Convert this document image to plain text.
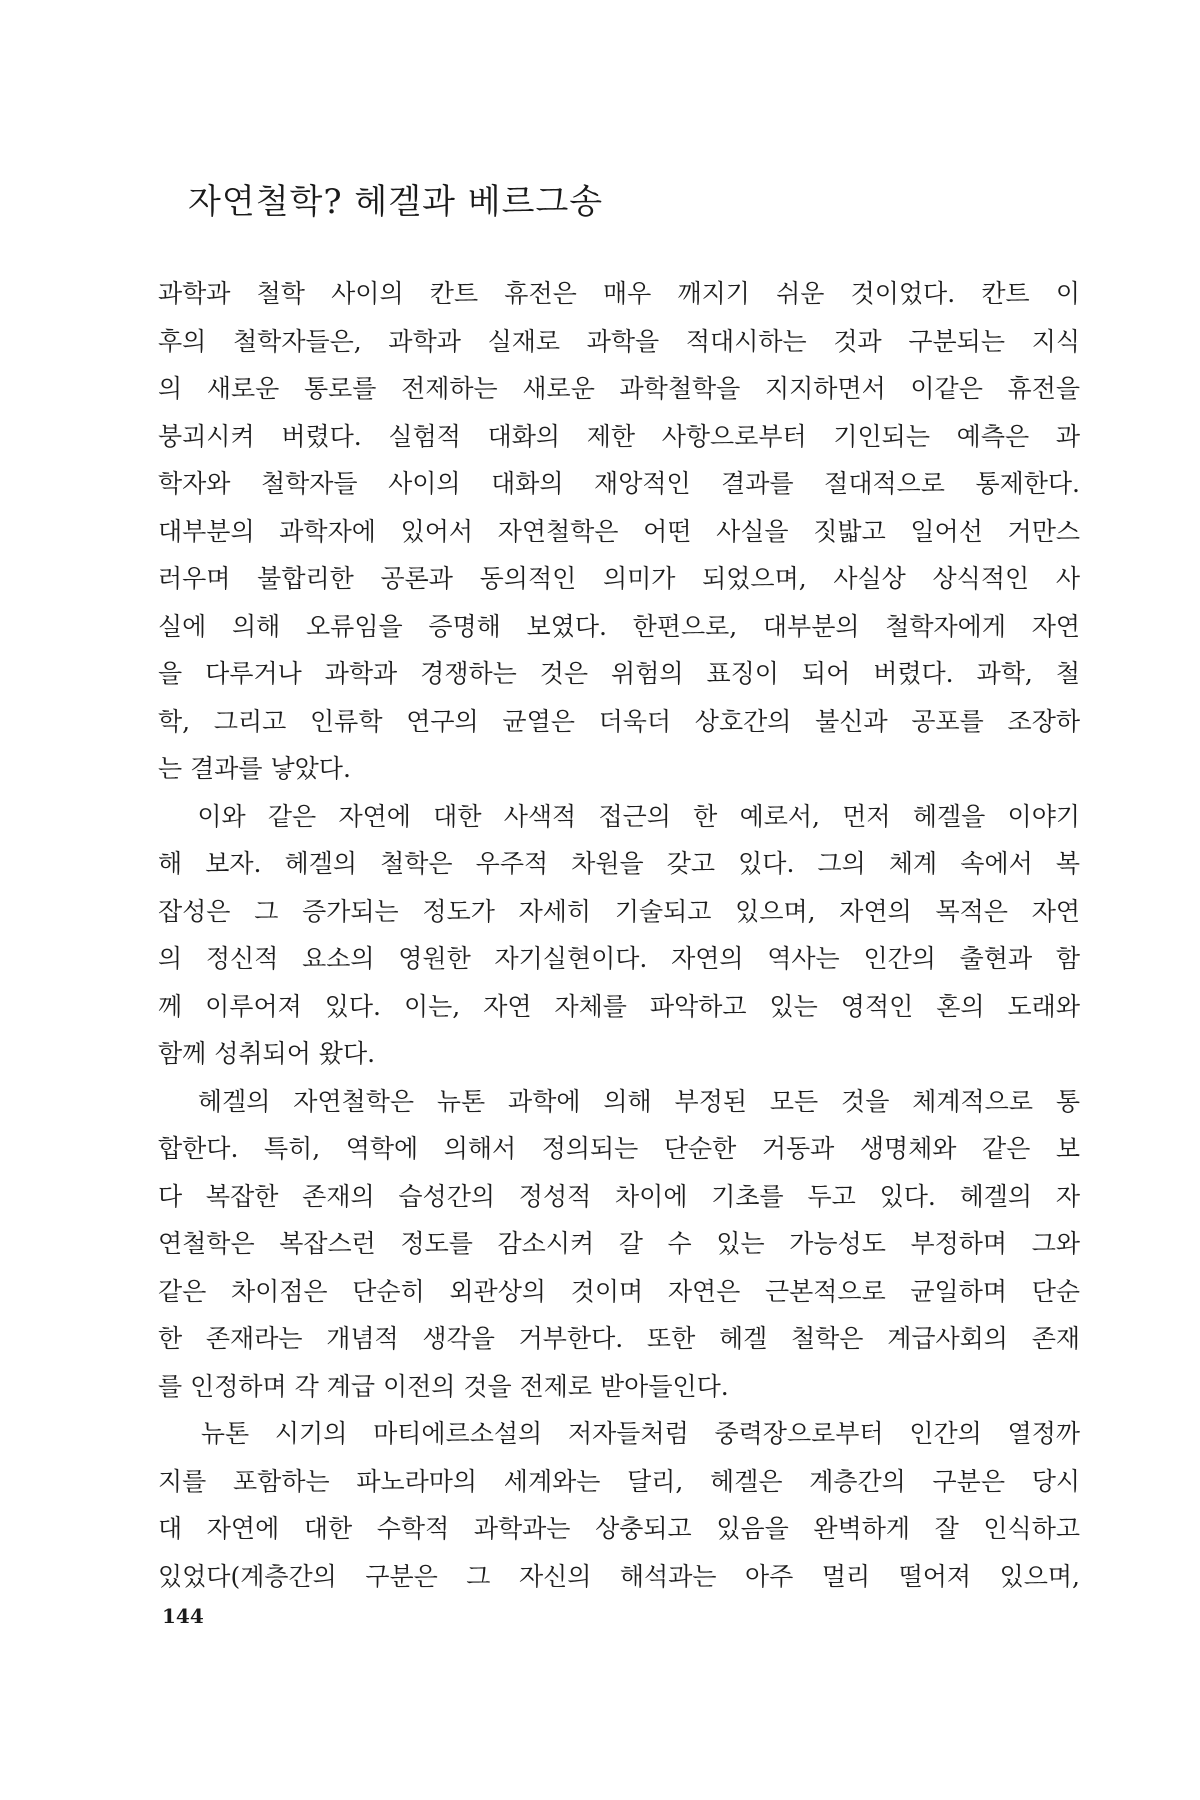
자연철학? 헤겔과 베르그송
과학과 철학 사이의 칸트 휴전은 매우 깨지기 쉬운 것이었다. 칸트 이
후의 철학자들은, 과학과 실재로 과학을 적대시하는 것과 구분되는 지식
의 새로운 통로를 전제하는 새로운 과학철학을 지지하면서 이같은 휴전을
붕괴시켜 버렸다. 실험적 대화의 제한 사항으로부터 기인되는 예측은 과
학자와 철학자들 사이의 대화의 재앙적인 결과를 절대적으로 통제한다.
대부분의 과학자에 있어서 자연철학은 어떤 사실을 짓밟고 일어선 거만스
러우며 불합리한 공론과 동의적인 의미가 되었으며, 사실상 상식적인 사
실에 의해 오류임을 증명해 보였다. 한편으로, 대부분의 철학자에게 자연
을 다루거나 과학과 경쟁하는 것은 위험의 표징이 되어 버렸다. 과학, 철
학, 그리고 인류학 연구의 균열은 더욱더 상호간의 불신과 공포를 조장하
는 결과를 낳았다.
　이와 같은 자연에 대한 사색적 접근의 한 예로서, 먼저 헤겔을 이야기
해 보자. 헤겔의 철학은 우주적 차원을 갖고 있다. 그의 체계 속에서 복
잡성은 그 증가되는 정도가 자세히 기술되고 있으며, 자연의 목적은 자연
의 정신적 요소의 영원한 자기실현이다. 자연의 역사는 인간의 출현과 함
께 이루어져 있다. 이는, 자연 자체를 파악하고 있는 영적인 혼의 도래와
함께 성취되어 왔다.
　헤겔의 자연철학은 뉴톤 과학에 의해 부정된 모든 것을 체계적으로 통
합한다. 특히, 역학에 의해서 정의되는 단순한 거동과 생명체와 같은 보
다 복잡한 존재의 습성간의 정성적 차이에 기초를 두고 있다. 헤겔의 자
연철학은 복잡스런 정도를 감소시켜 갈 수 있는 가능성도 부정하며 그와
같은 차이점은 단순히 외관상의 것이며 자연은 근본적으로 균일하며 단순
한 존재라는 개념적 생각을 거부한다. 또한 헤겔 철학은 계급사회의 존재
를 인정하며 각 계급 이전의 것을 전제로 받아들인다.
　뉴톤 시기의 마티에르소설의 저자들처럼 중력장으로부터 인간의 열정까
지를 포함하는 파노라마의 세계와는 달리, 헤겔은 계층간의 구분은 당시
대 자연에 대한 수학적 과학과는 상충되고 있음을 완벽하게 잘 인식하고
있었다(계층간의 구분은 그 자신의 해석과는 아주 멀리 떨어져 있으며,
144
